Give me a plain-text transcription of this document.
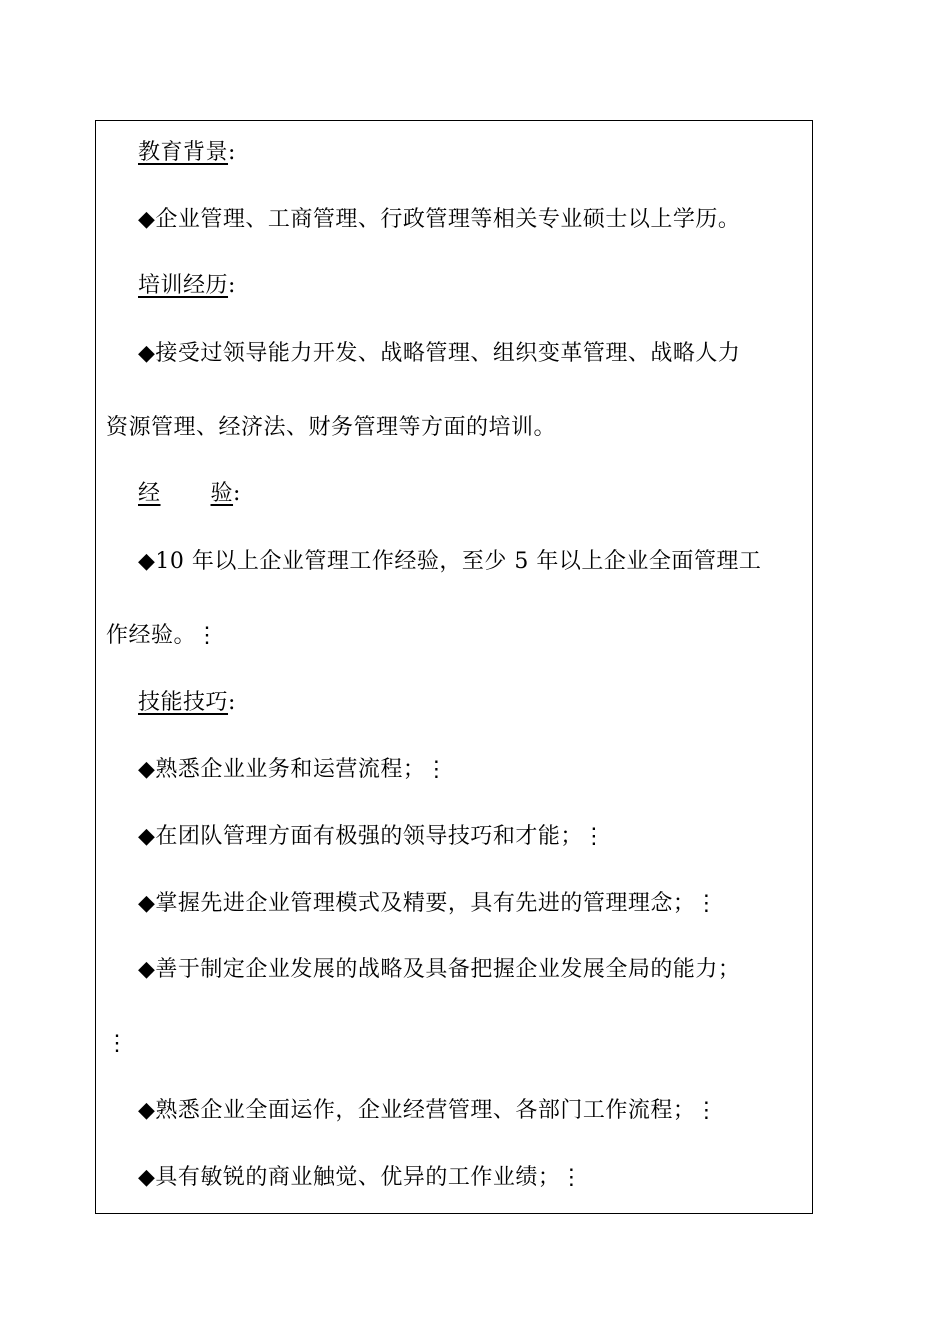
教育背景:
◆企业管理、工商管理、行政管理等相关专业硕士以上学历。
培训经历:
◆接受过领导能力开发、战略管理、组织变革管理、战略人力
资源管理、经济法、财务管理等方面的培训。
经 验:
◆10 年以上企业管理工作经验，至少 5 年以上企业全面管理工
作经验。⋮
技能技巧:
◆熟悉企业业务和运营流程；⋮
◆在团队管理方面有极强的领导技巧和才能；⋮
◆掌握先进企业管理模式及精要，具有先进的管理理念；⋮
◆善于制定企业发展的战略及具备把握企业发展全局的能力；
⋮
◆熟悉企业全面运作，企业经营管理、各部门工作流程；⋮
◆具有敏锐的商业触觉、优异的工作业绩；⋮
